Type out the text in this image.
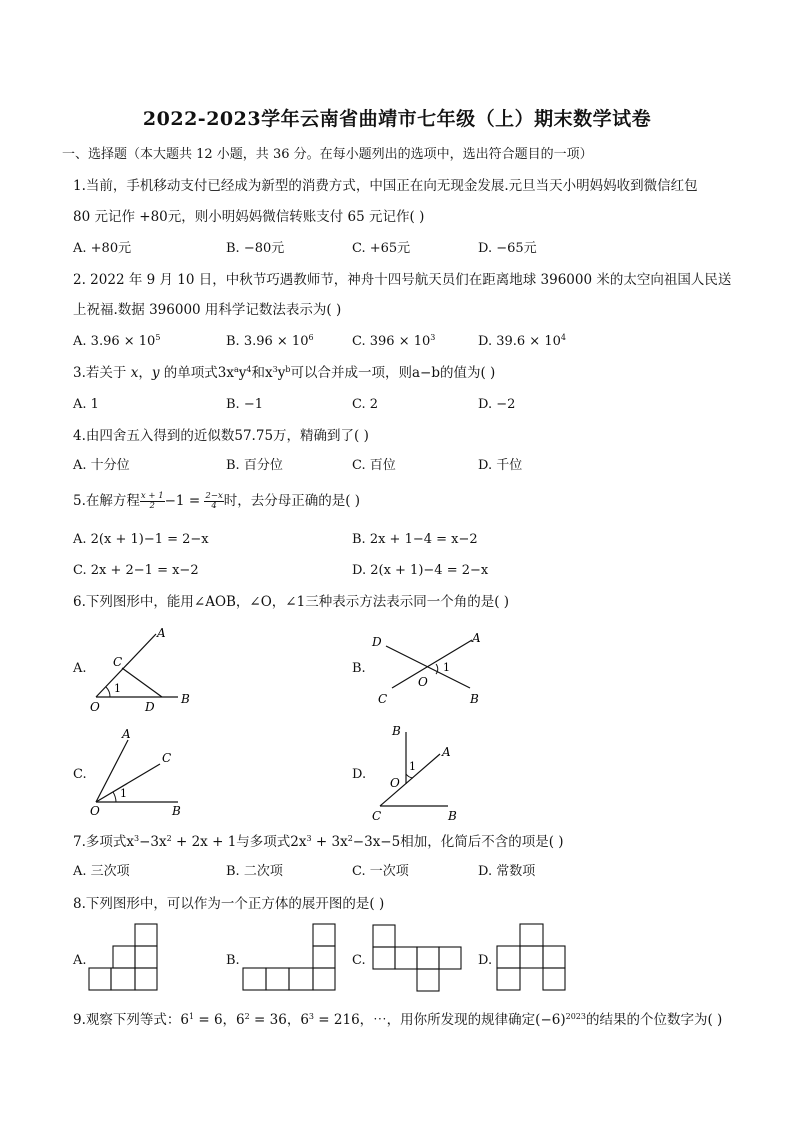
2022-2023学年云南省曲靖市七年级（上）期末数学试卷
一、选择题（本大题共 12 小题，共 36 分。在每小题列出的选项中，选出符合题目的一项）
1.当前，手机移动支付已经成为新型的消费方式，中国正在向无现金发展.元旦当天小明妈妈收到微信红包
80 元记作 +80元，则小明妈妈微信转账支付 65 元记作( )
A. +80元	B. −80元	C. +65元	D. −65元
2. 2022 年 9 月 10 日，中秋节巧遇教师节，神舟十四号航天员们在距离地球 396000 米的太空向祖国人民送
上祝福.数据 396000 用科学记数法表示为( )
A. $3.96 \times 10^5$	B. $3.96 \times 10^6$	C. $396 \times 10^3$	D. $39.6 \times 10^4$
3.若关于 x，y 的单项式$3x^ay^4$和$x^3y^b$可以合并成一项，则a−b的值为( )
A. 1	B. −1	C. 2	D. −2
4.由四舍五入得到的近似数57.75万，精确到了( )
A. 十分位	B. 百分位	C. 百位	D. 千位
5.在解方程 $\frac{x + 1}{2} -1 = \frac{2-x}{4}$ 时，去分母正确的是( )
A. 2(x + 1)−1 = 2−x	B. 2x + 1−4 = x−2
C. 2x + 2−1 = x−2	D. 2(x + 1)−4 = 2−x
6.下列图形中，能用∠AOB，∠O，∠1三种表示方法表示同一个角的是( )
A.
A
C
1
O	D
B
B.
D	A
1
O
C	B
C.
A
C
1
O	B
D.
B
A
1
O
C	B
7.多项式$x^3-3x^2 + 2x + 1$与多项式$2x^3 + 3x^2-3x-5$相加，化简后不含的项是( )
A. 三次项	B. 二次项	C. 一次项	D. 常数项
8.下列图形中，可以作为一个正方体的展开图的是( )
A.	B.	C.	D.
9.观察下列等式：$6^1 = 6$，$6^2 = 36$，$6^3 = 216$，⋯，用你所发现的规律确定$(-6)^{2023}$的结果的个位数字为( )
